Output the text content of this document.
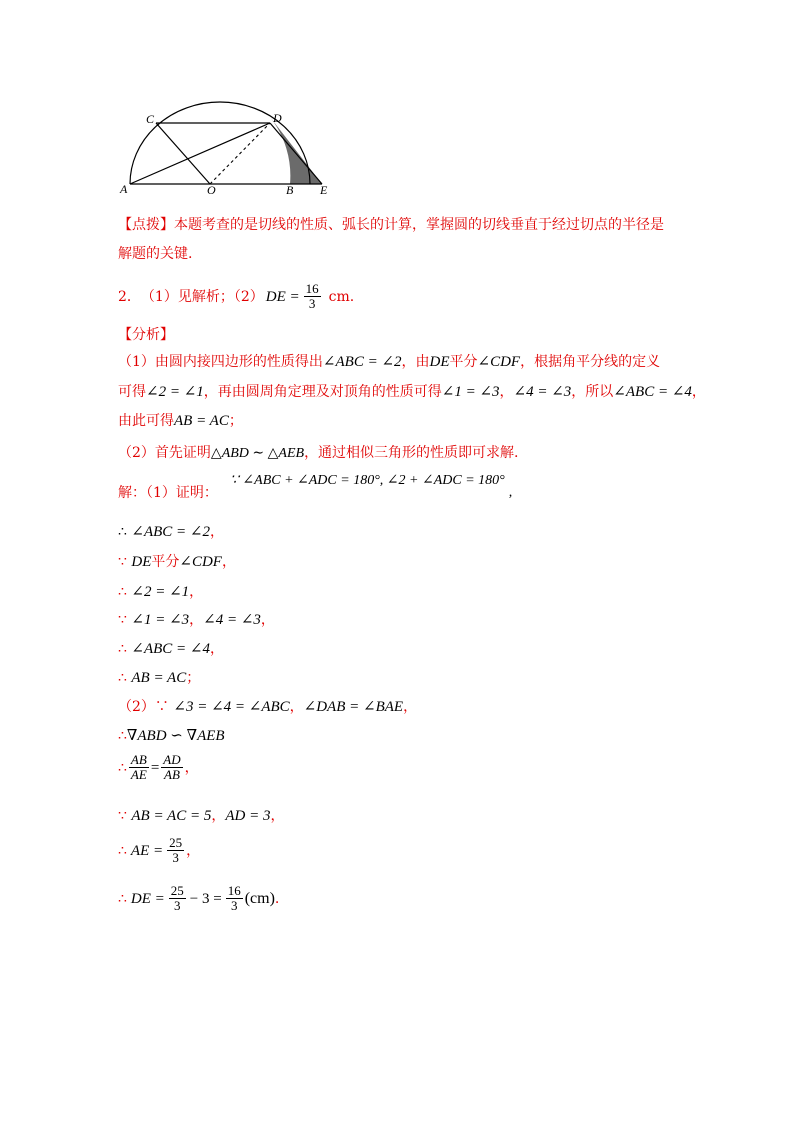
C	D
A	O	B E
【点拨】本题考查的是切线的性质、弧长的计算，掌握圆的切线垂直于经过切点的半径是
解题的关键.
2． （1）见解析；（2） DE = $\frac{16}{3}$ cm.
【分析】
（1）由圆内接四边形的性质得出∠ABC = ∠2，由DE平分∠CDF，根据角平分线的定义
可得∠2 = ∠1，再由圆周角定理及对顶角的性质可得∠1 = ∠3，∠4 = ∠3，所以∠ABC = ∠4，
由此可得AB = AC；
（2）首先证明△ABD ∼ △AEB，通过相似三角形的性质即可求解.
解：（1）证明：
∵ ∠ABC + ∠ADC = 180°, ∠2 + ∠ADC = 180°,
∴ ∠ABC = ∠2，
∵ DE平分∠CDF，
∴ ∠2 = ∠1，
∵ ∠1 = ∠3，∠4 = ∠3，
∴ ∠ABC = ∠4，
∴ AB = AC；
（2）∵ ∠3 = ∠4 = ∠ABC，∠DAB = ∠BAE，
∴∇ABD ∽ ∇AEB
∴ $\frac{AB}{AE} = \frac{AD}{AB}$ ，
∵ AB = AC = 5，AD = 3，
∴ AE = $\frac{25}{3}$ ，
∴ DE = $\frac{25}{3} - 3 = \frac{16}{3} (cm)$ .
